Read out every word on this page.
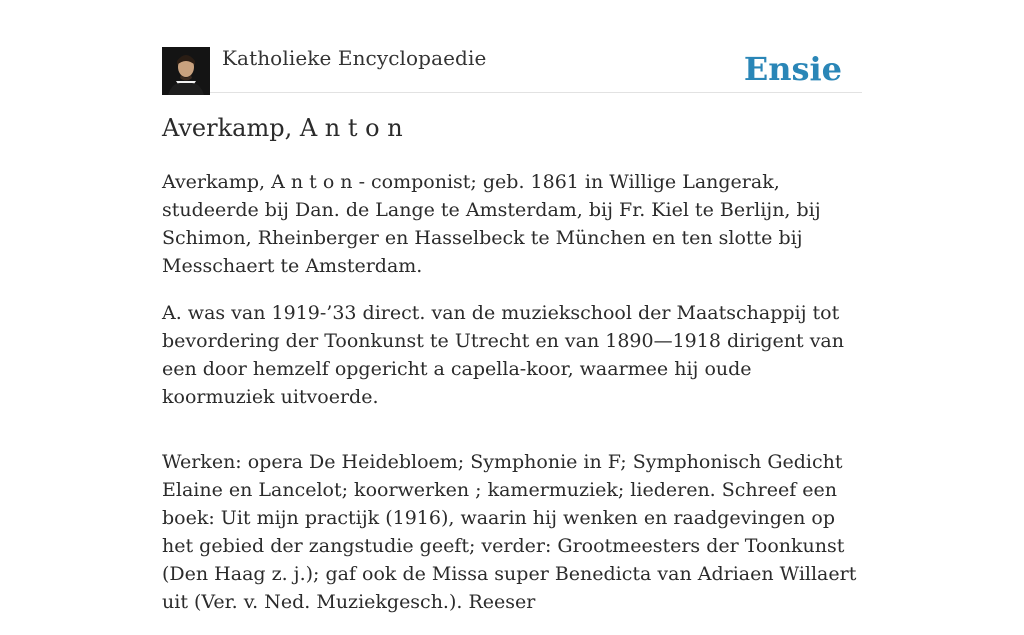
Katholieke Encyclopaedie	Ensie
Averkamp, A n t o n

Averkamp, A n t o n - componist; geb. 1861 in Willige Langerak, studeerde bij Dan. de Lange te Amsterdam, bij Fr. Kiel te Berlijn, bij Schimon, Rheinberger en Hasselbeck te München en ten slotte bij Messchaert te Amsterdam.

A. was van 1919-’33 direct. van de muziekschool der Maatschappij tot bevordering der Toonkunst te Utrecht en van 1890—1918 dirigent van een door hemzelf opgericht a capella-koor, waarmee hij oude koormuziek uitvoerde.

Werken: opera De Heidebloem; Symphonie in F; Symphonisch Gedicht Elaine en Lancelot; koorwerken ; kamermuziek; liederen. Schreef een boek: Uit mijn practijk (1916), waarin hij wenken en raadgevingen op het gebied der zangstudie geeft; verder: Grootmeesters der Toonkunst (Den Haag z. j.); gaf ook de Missa super Benedicta van Adriaen Willaert uit (Ver. v. Ned. Muziekgesch.). Reeser
